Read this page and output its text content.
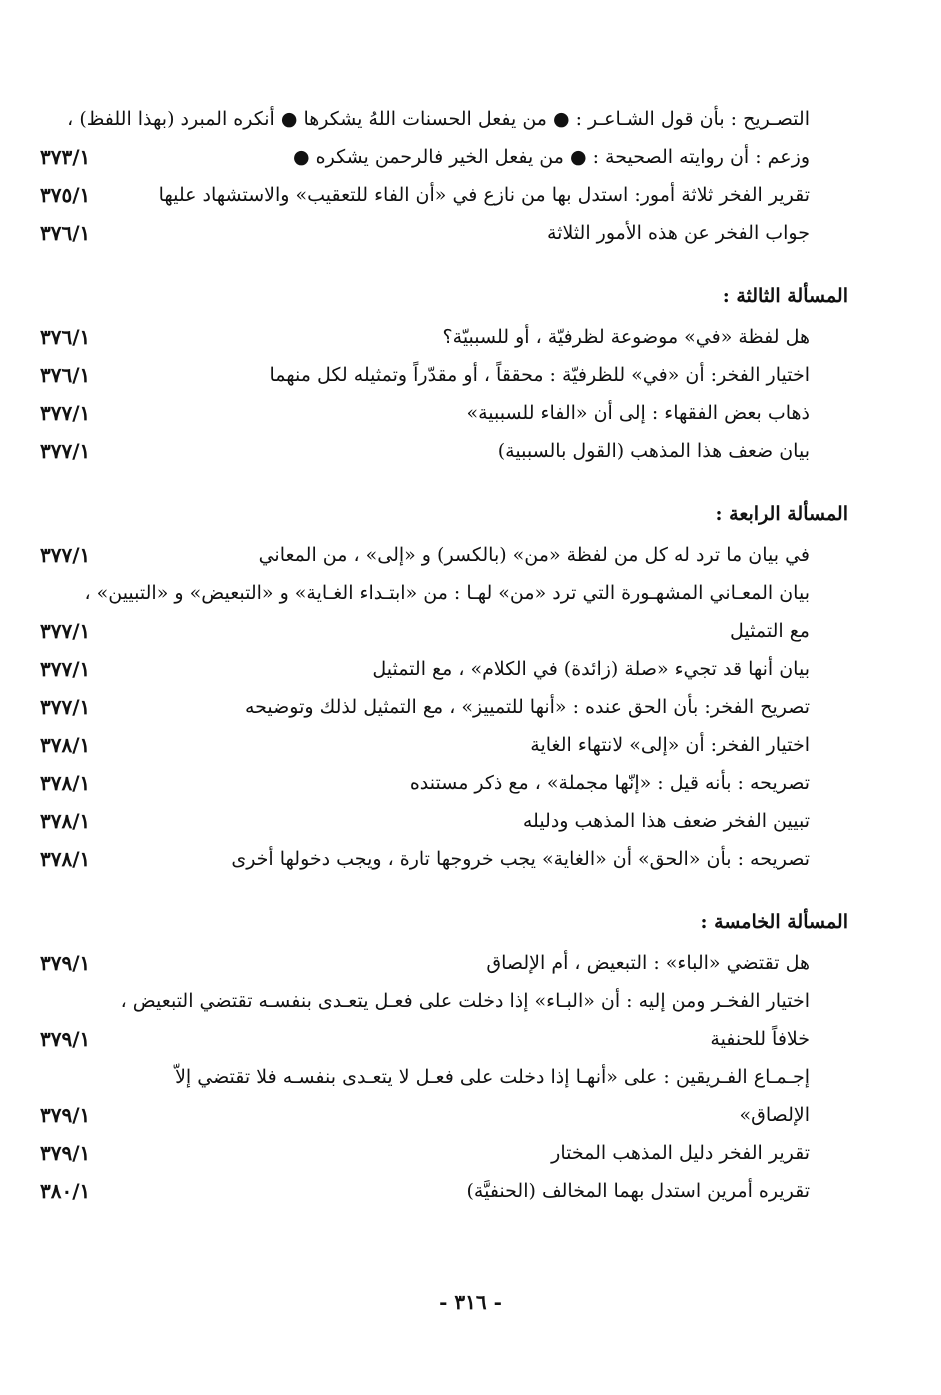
التصـريح : بأن قول الشـاعـر : ● من يفعل الحسنات اللهُ يشكرها ● أنكره المبرد (بهذا اللفظ) ،
وزعم : أن روايته الصحيحة : ● من يفعل الخير فالرحمن يشكره ●
٣٧٣/١
تقرير الفخر ثلاثة أمور: استدل بها من نازع في «أن الفاء للتعقيب» والاستشهاد عليها
٣٧٥/١
جواب الفخر عن هذه الأمور الثلاثة
٣٧٦/١
المسألة الثالثة :
هل لفظة «في» موضوعة لظرفيّة ، أو للسببيّة؟
٣٧٦/١
اختيار الفخر: أن «في» للظرفيّة : محققاً ، أو مقدّراً وتمثيله لكل منهما
٣٧٦/١
ذهاب بعض الفقهاء : إلى أن «الفاء للسببية»
٣٧٧/١
بيان ضعف هذا المذهب (القول بالسببية)
٣٧٧/١
المسألة الرابعة :
في بيان ما ترد له كل من لفظة «من» (بالكسر) و «إلى» ، من المعاني
٣٧٧/١
بيان المعـاني المشهـورة التي ترد «من» لهـا : من «ابتـداء الغـاية» و «التبعيض» و «التبيين» ،
مع التمثيل
٣٧٧/١
بيان أنها قد تجيء «صلة (زائدة) في الكلام» ، مع التمثيل
٣٧٧/١
تصريح الفخر: بأن الحق عنده : «أنها للتمييز» ، مع التمثيل لذلك وتوضيحه
٣٧٧/١
اختيار الفخر: أن «إلى» لانتهاء الغاية
٣٧٨/١
تصريحه : بأنه قيل : «إنّها مجملة» ، مع ذكر مستنده
٣٧٨/١
تبيين الفخر ضعف هذا المذهب ودليله
٣٧٨/١
تصريحه : بأن «الحق» أن «الغاية» يجب خروجها تارة ، ويجب دخولها أخرى
٣٧٨/١
المسألة الخامسة :
هل تقتضي «الباء» : التبعيض ، أم الإلصاق
٣٧٩/١
اختيار الفخـر ومن إليه : أن «البـاء» إذا دخلت على فعـل يتعـدى بنفسـه تقتضي التبعيض ،
خلافاً للحنفية
٣٧٩/١
إجـمـاع الفـريقين : على «أنهـا إذا دخلت على فعـل لا يتعـدى بنفسـه فلا تقتضي إلاّ
الإلصاق»
٣٧٩/١
تقرير الفخر دليل المذهب المختار
٣٧٩/١
تقريره أمرين استدل بهما المخالف (الحنفيَّة)
٣٨٠/١
- ٣١٦ -
